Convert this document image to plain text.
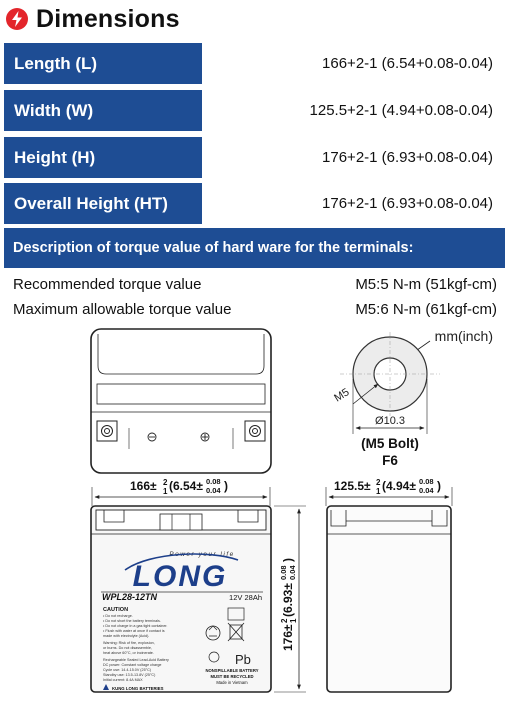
Dimensions
Length (L)	166+2-1 (6.54+0.08-0.04)
Width (W)	125.5+2-1 (4.94+0.08-0.04)
Height (H)	176+2-1 (6.93+0.08-0.04)
Overall Height (HT)	176+2-1 (6.93+0.08-0.04)
Description of torque value of hard ware for the terminals:
Recommended torque value	M5:5 N-m (51kgf-cm)
Maximum allowable torque value	M5:6 N-m (61kgf-cm)
mm(inch)
M5
Ø10.3
(M5 Bolt)
F6
166± 2
1 (6.54± 0.08
0.04 )	125.5± 2
1 (4.94± 0.08
0.04 )
Power your life
LONG
WPL28-12TN	12V 28Ah
CAUTION
• Do not recharge.
• Do not short the battery terminals.
• Do not charge in a gas tight container.
• Flush with water at once if contact is
made with electrolyte (Acid).
Warning: Risk of fire, explosion,
or burns. Do not disassemble,
heat above 60°C, or incinerate.
Rechargeable Sealed Lead-Acid Battery
DC power: Constant voltage charge
Cycle use: 14.4-15.0V (25°C)
Standby use: 13.5-13.8V (25°C)
Initial current: 8.4A MAX
KUNG LONG BATTERIES
Pb
NONSPILLABLE BATTERY
MUST BE RECYCLED
Made in Vietnam
176±
2 1
(6.93±
0.08 0.04
)
